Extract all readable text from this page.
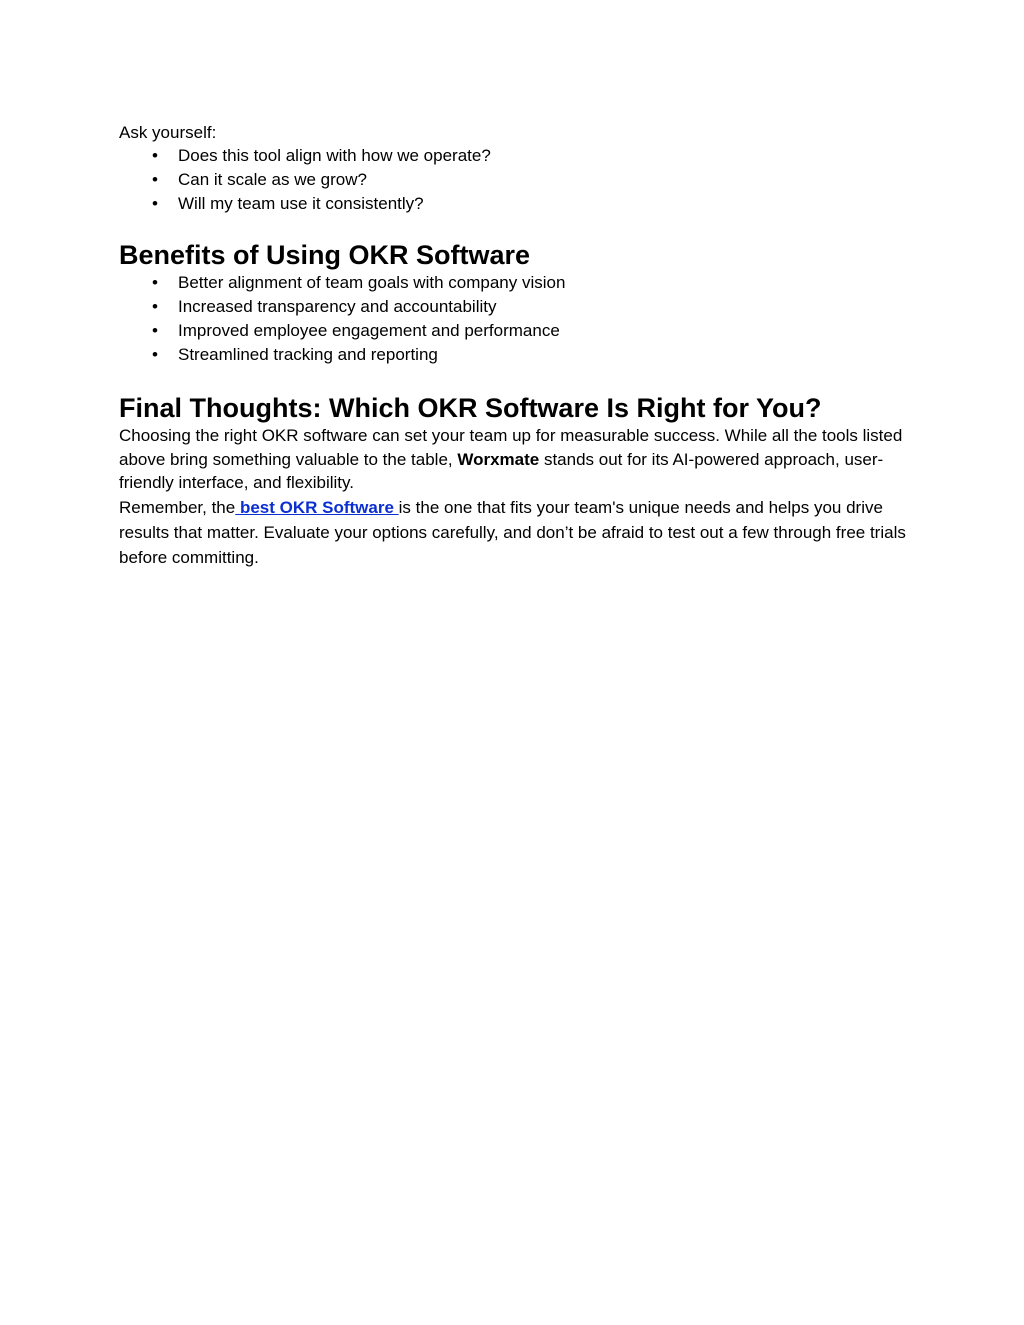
Ask yourself:

• Does this tool align with how we operate?
• Can it scale as we grow?
• Will my team use it consistently?
Benefits of Using OKR Software
• Better alignment of team goals with company vision
• Increased transparency and accountability
• Improved employee engagement and performance
• Streamlined tracking and reporting
Final Thoughts: Which OKR Software Is Right for You?

Choosing the right OKR software can set your team up for measurable success. While all the tools listed above bring something valuable to the table, Worxmate stands out for its AI-powered approach, user-friendly interface, and flexibility.

Remember, the best OKR Software is the one that fits your team's unique needs and helps you drive results that matter. Evaluate your options carefully, and don’t be afraid to test out a few through free trials before committing.
